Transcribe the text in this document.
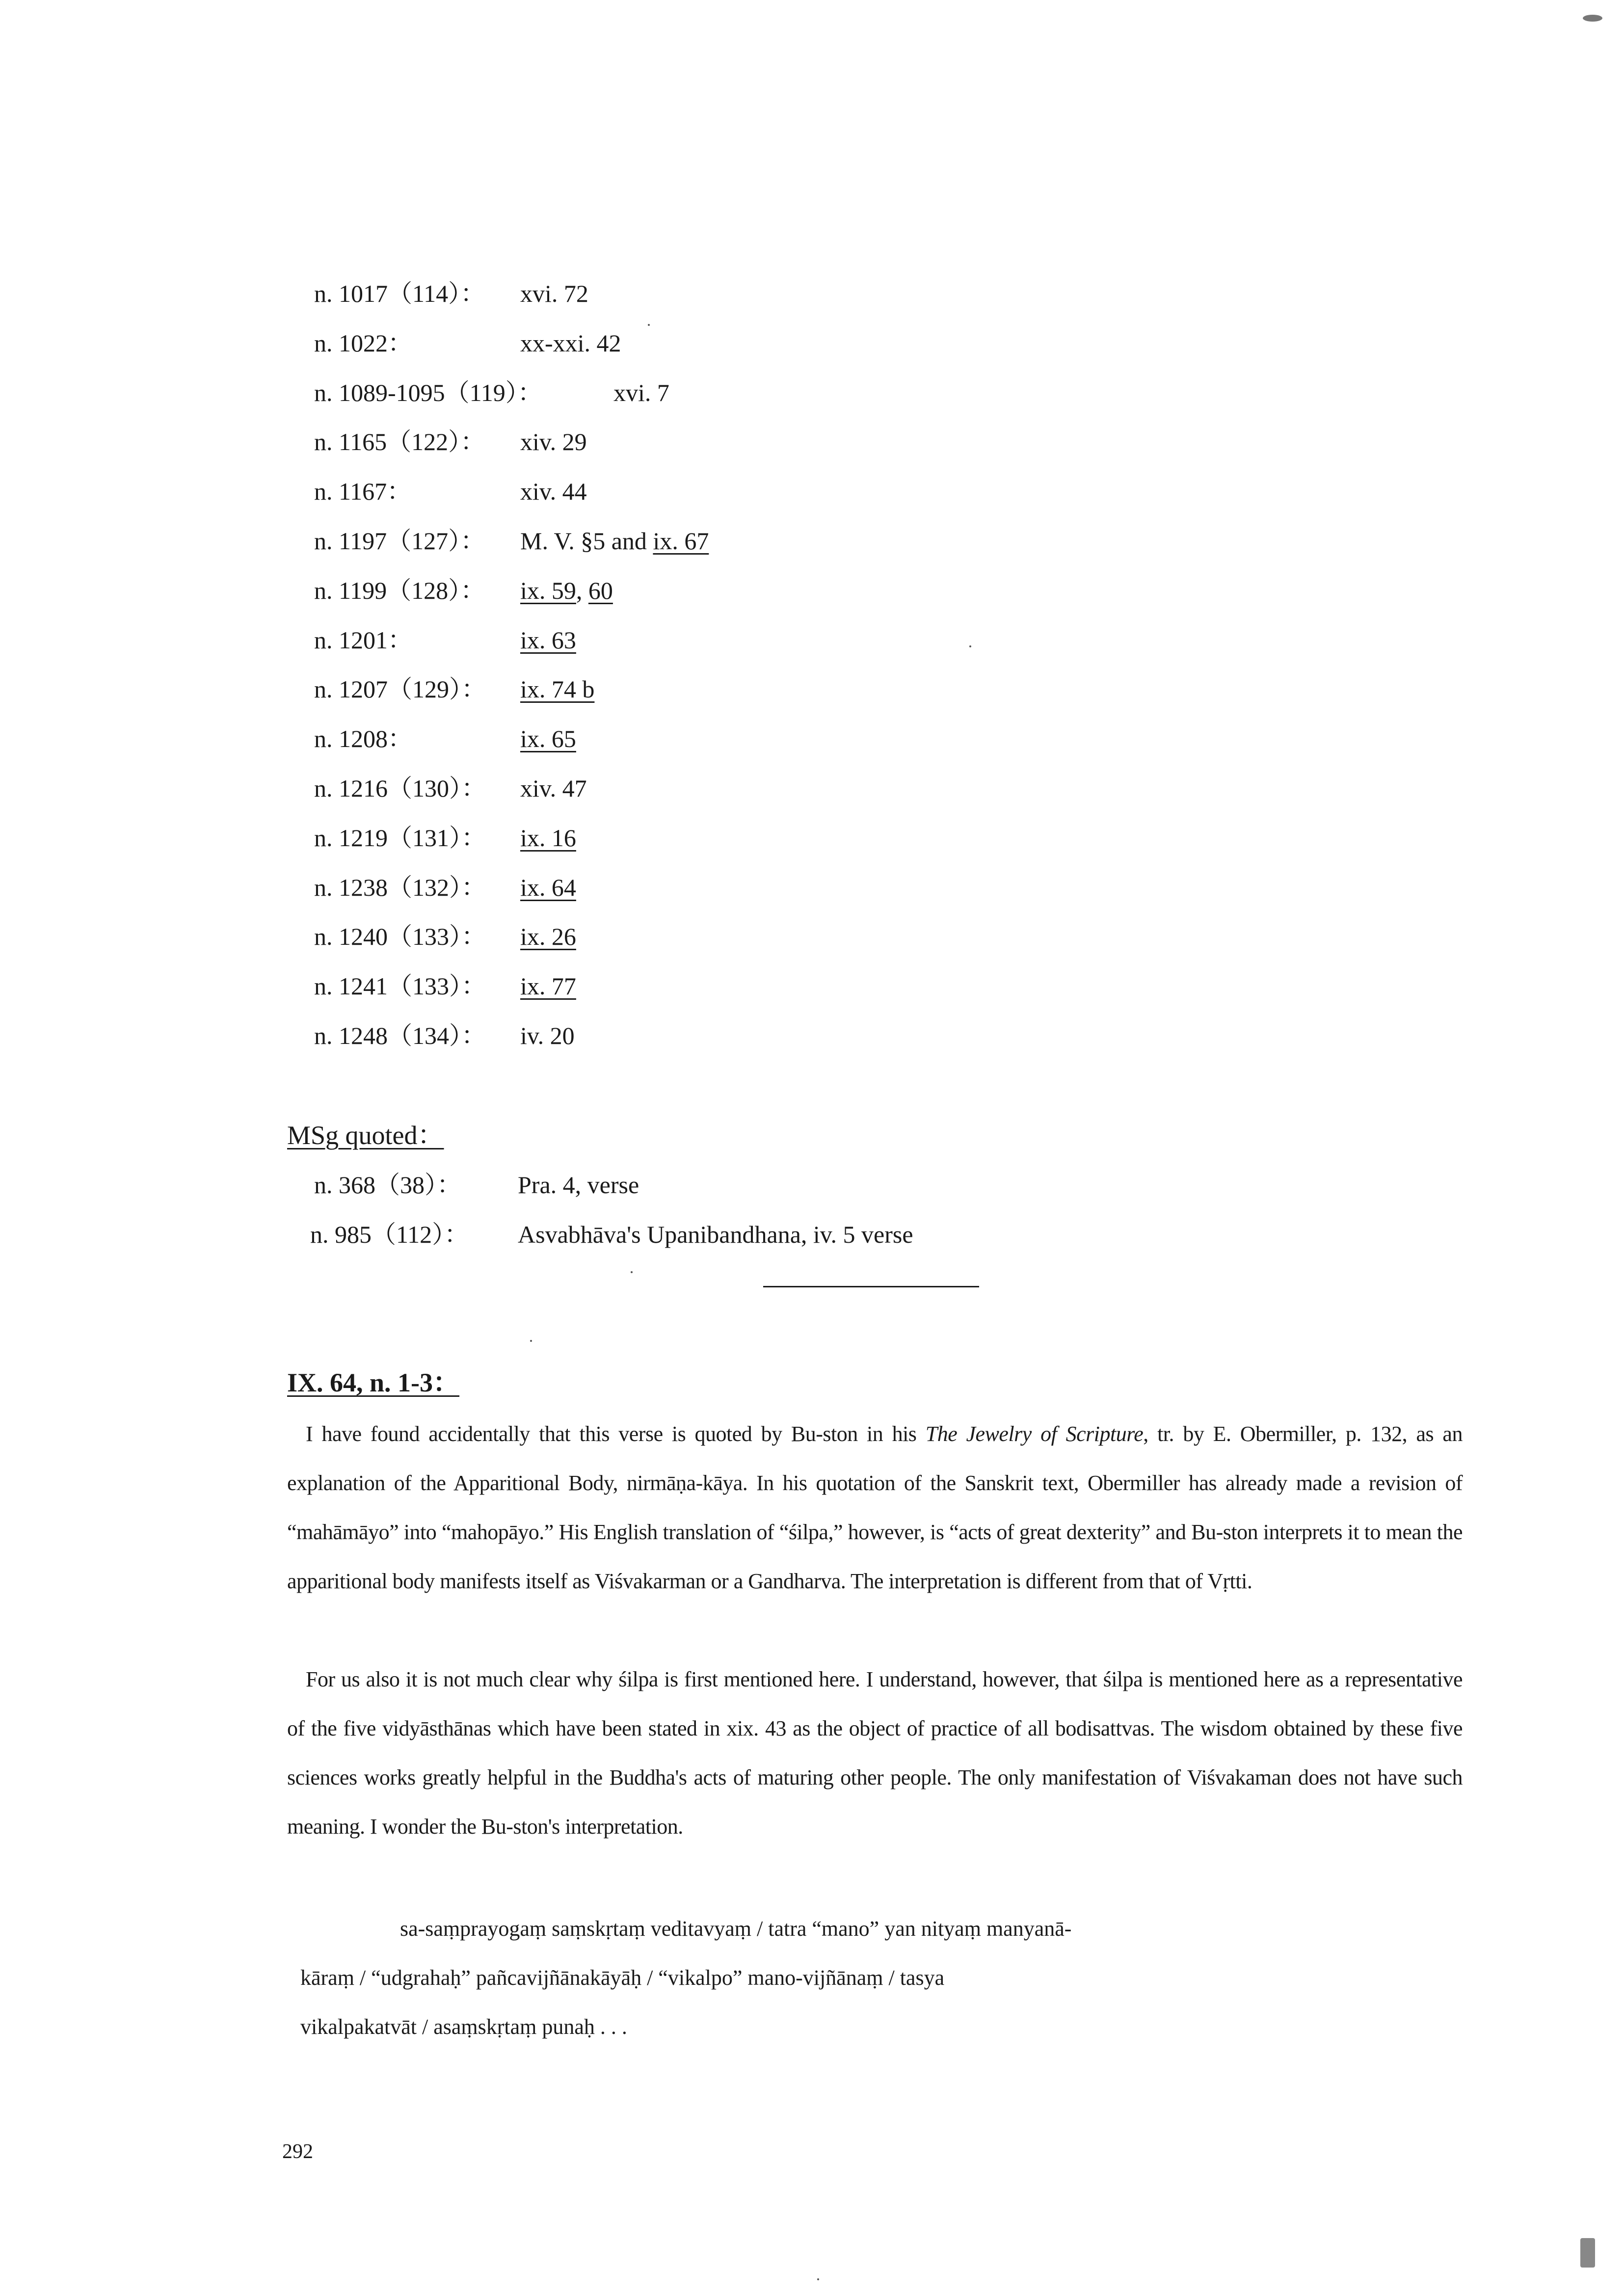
n. 1017（114）： xvi. 72
n. 1022：	xx-xxi. 42
n. 1089-1095（119）：	xvi. 7
n. 1165（122）： xiv. 29
n. 1167：	xiv. 44
n. 1197（127）： M. V. §5 and ix. 67
n. 1199（128）： ix. 59, 60
n. 1201：	ix. 63
n. 1207（129）： ix. 74 b
n. 1208：	ix. 65
n. 1216（130）： xiv. 47
n. 1219（131）： ix. 16
n. 1238（132）： ix. 64
n. 1240（133）： ix. 26
n. 1241（133）： ix. 77
n. 1248（134）： iv. 20
MSg quoted：
n. 368（38）： Pra. 4, verse
n. 985（112）： Asvabhāva's Upanibandhana, iv. 5 verse
IX. 64, n. 1-3：

I have found accidentally that this verse is quoted by Bu-ston in his The Jewelry of Scripture, tr. by E. Obermiller, p. 132, as an explanation of the Apparitional Body, nirmāṇa-kāya. In his quotation of the Sanskrit text, Obermiller has already made a revision of “mahāmāyo” into “mahopāyo.” His English translation of “śilpa,” however, is “acts of great dexterity” and Bu-ston interprets it to mean the apparitional body manifests itself as Viśvakarman or a Gandharva. The interpretation is different from that of Vṛtti.

For us also it is not much clear why śilpa is first mentioned here. I understand, however, that śilpa is mentioned here as a representative of the five vidyāsthānas which have been stated in xix. 43 as the object of practice of all bodisattvas. The wisdom obtained by these five sciences works greatly helpful in the Buddha's acts of maturing other people. The only manifestation of Viśvakaman does not have such meaning. I wonder the Bu-ston's interpretation.

sa-saṃprayogaṃ saṃskṛtaṃ veditavyaṃ / tatra “mano” yan nityaṃ manyanā-
kāraṃ / “udgrahaḥ” pañcavijñānakāyāḥ / “vikalpo” mano-vijñānaṃ / tasya
vikalpakatvāt / asaṃskṛtaṃ punaḥ . . .
292
